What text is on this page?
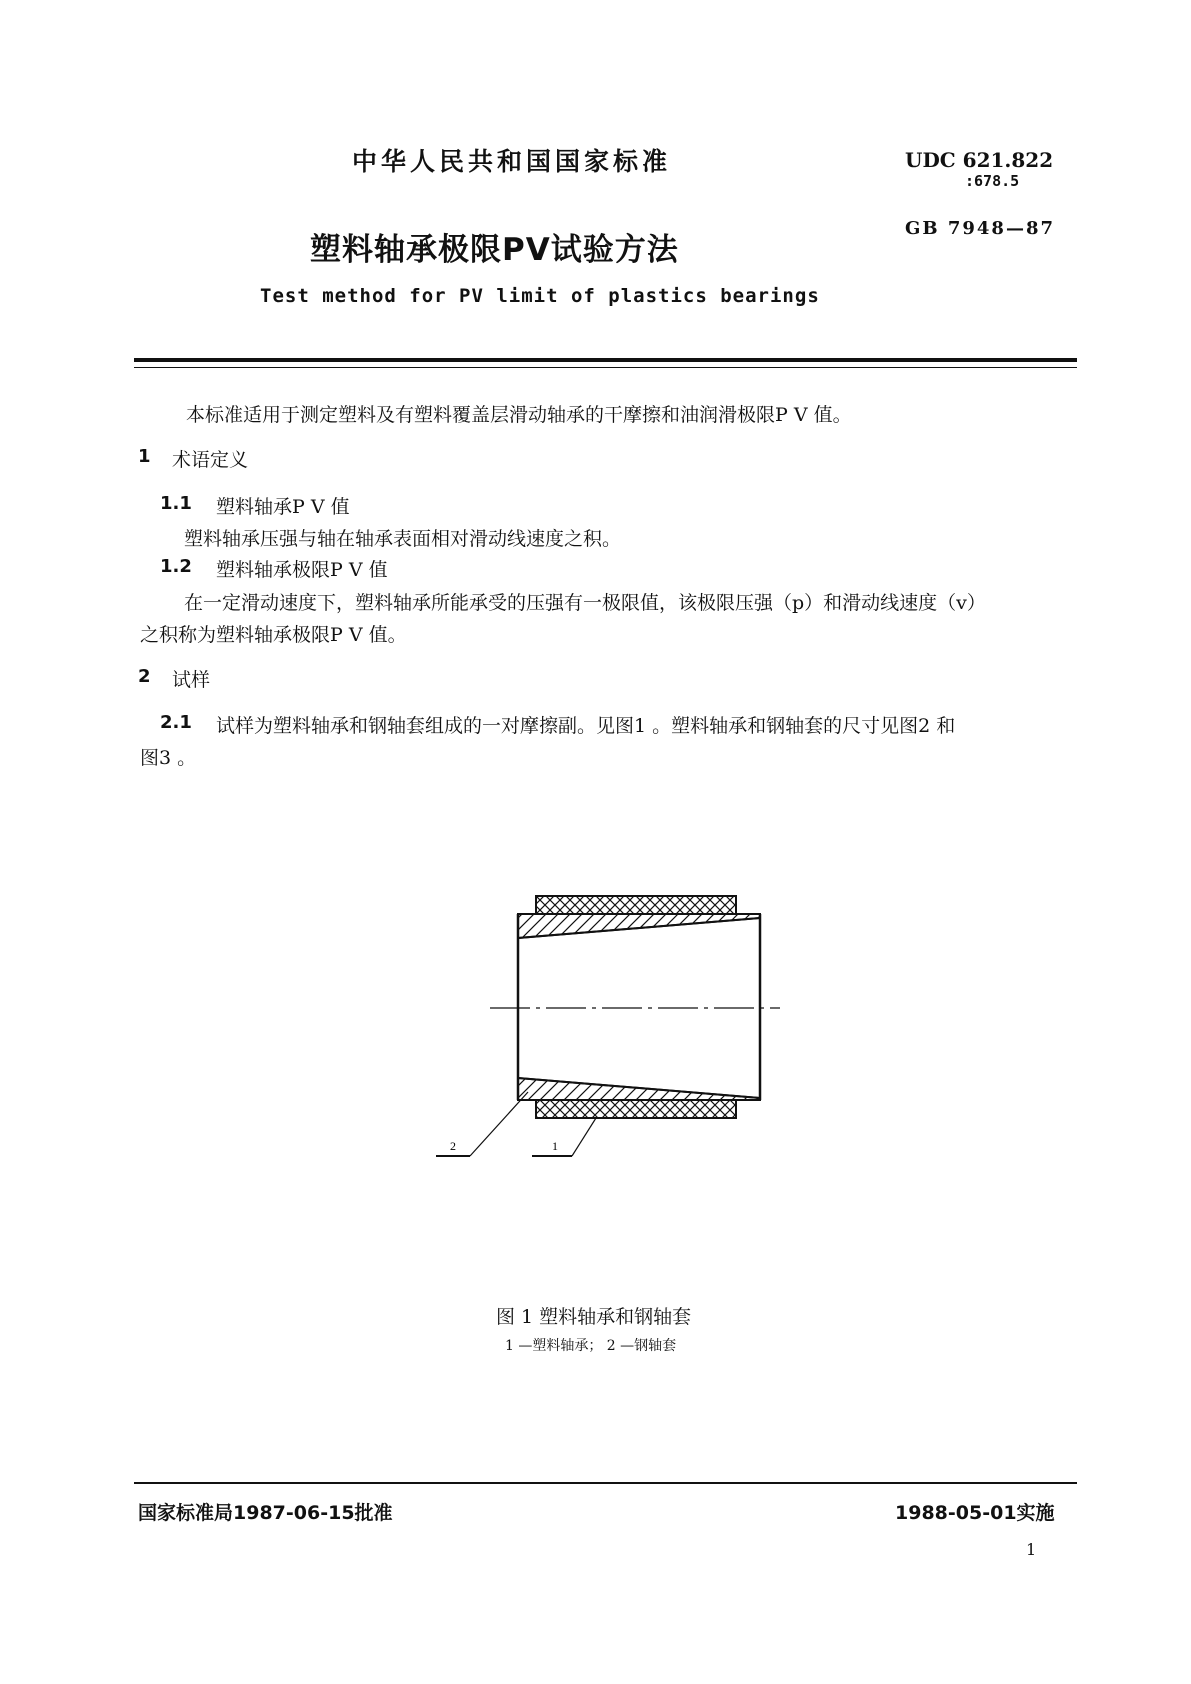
中华人民共和国国家标准	UDC 621.822
:678.5
塑料轴承极限PV试验方法
GB 7948—87
Test method for PV limit of plastics bearings
本标准适用于测定塑料及有塑料覆盖层滑动轴承的干摩擦和油润滑极限P V 值。
1 术语定义
1.1 塑料轴承P V 值
塑料轴承压强与轴在轴承表面相对滑动线速度之积。
1.2 塑料轴承极限P V 值
在一定滑动速度下，塑料轴承所能承受的压强有一极限值，该极限压强（p）和滑动线速度（v）
之积称为塑料轴承极限P V 值。
2 试样
2.1 试样为塑料轴承和钢轴套组成的一对摩擦副。见图1 。塑料轴承和钢轴套的尺寸见图2 和
图3 。
2	1
图 1 塑料轴承和钢轴套
1 —塑料轴承； 2 —钢轴套
国家标准局1987-06-15批准	1988-05-01实施
1
